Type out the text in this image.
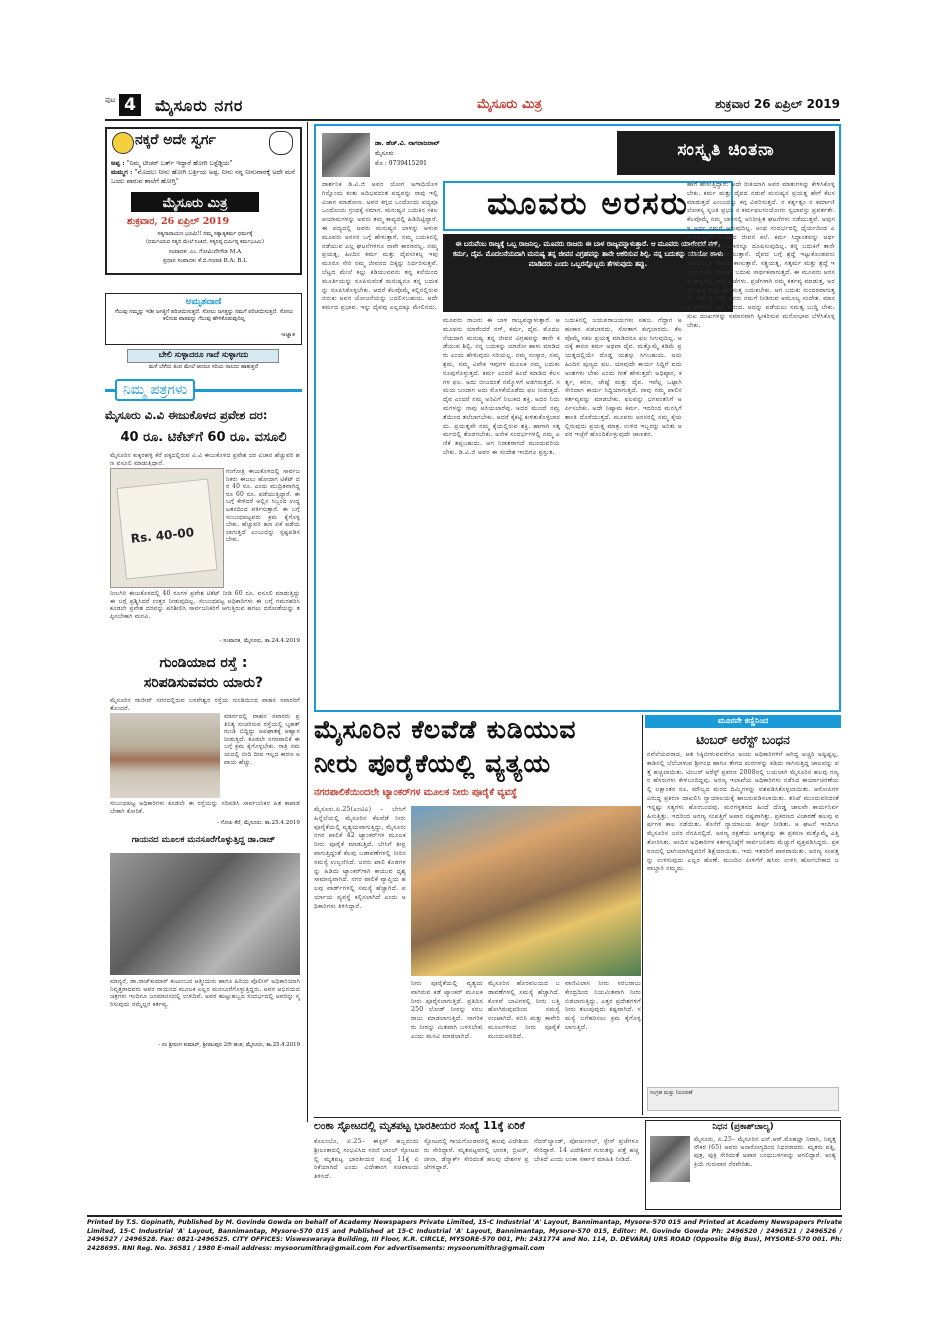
ಪುಟ 4	ಮೈಸೂರು ನಗರ	ಮೈಸೂರು ಮಿತ್ರ	ಶುಕ್ರವಾರ 26 ಏಪ್ರಿಲ್ 2019
ನಕ್ಕರೆ ಅದೇ ಸ್ವರ್ಗ
ಅಪ್ಪ : "ನಿಮ್ಮ ಟೀಚರ್ ಬರ್ತ್ ಇದ್ದಾರೆ ಹೋಗಿ ಬಸ್ಟೆಡ್ಟಿಯ"
ಮಮ್ಮಗ : "ಮೊದಲು ನೀನು ಹೋಗಿ ಬರ್ತ್ರಿಯ ಅಪ್ಪ. ನೀನು ನನ್ನ ನೀನುವಾರಕ್ಕೆ ಅದೇ ಮನೆ ಒಂದು ಪಾರುವ ಶಾಲೆಗೆ ಹೋಗ್ತಿ"
ಮೈಸೂರು ಮಿತ್ರ
ಶುಕ್ರವಾರ, 26 ಏಪ್ರಿಲ್ 2019
ಸತ್ಯನಾರಾಯಣ ಭೂಮಿ!! ನಮ್ಮ ಸತ್ಯಾತ್ಯಕರ್ಮ ಧರ್ಮಕ್ಕೆ
(ಧರ್ಮವಿರುವ ಸತ್ಯದ ಮೇಲೆ ನಿಂತಿದೆ, ಸತ್ಯನಿಷ್ಠ ಧರ್ಮಿಷ್ಠ ಕರ್ಮಭೂಮಿ)
ಸಂಪಾದಕ: ಎಂ. ಗೋವಿಂದೇಗೌಡ M.A
ಪ್ರಧಾನ ಸಂಪಾದಕ: ಕೆ.ಬಿ.ಗಣಪತಿ B.A; B.L
ಅಮೃತವಾಣಿ
ಗೆಲುವು ನಮ್ಮನ್ನು ಇಡೀ ಜಗತ್ತಿಗೆ ಪರಿಚಯಿಸುತ್ತದೆ. ಸೋಲು ಜಗತ್ತನ್ನು ನಮಗೆ ಪರಿಚಯಿಸುತ್ತದೆ. ಸೋಲು ಕಲಿಸುವ ಪಾಠವನ್ನು ಗೆಲುವು ಹೇಳಿಕೊಡುವುದಿಲ್ಲ
-ಅಜ್ಞಾತ
ಬೇಲಿ ಸುಳ್ಳಾದರೂ ಗಾದೆ ಸುಳ್ಳಾಗದು
ಮಳೆ ಬೆಳೆದು ತಿಂದ ಮೇಲೆ ಆದರೂ ಸರಿಯ ನಾಲದು ಹಾಕುತ್ತದೆ
ನಿಮ್ಮ ಪತ್ರಗಳು
ಮೈಸೂರು ವಿ.ವಿ ಈಜುಕೊಳದ ಪ್ರವೇಶ ದರ:
40 ರೂ. ಟಿಕೆಟ್‌ಗೆ 60 ರೂ. ವಸೂಲಿ
ಮೈಸೂರಿನ ಕುಕ್ಕರಹಳ್ಳಿ ಕೆರೆ ಪಕ್ಕದಲ್ಲಿರುವ ವಿ.ವಿ ಈಜುಕೊಳದ ಪ್ರವೇಶ ದರ ವಿಚಾರ ಹೆಚ್ಚುವರಿ ಹಣ ವಸೂಲಿ ಮಾಡುತ್ತಿದ್ದಾರೆ.
Rs. 40-00
ಗಂಗೋತ್ರಿ ಈಜುಕೊಳದಲ್ಲಿ ಸಾರ್ವಜನಿಕರು ಈಜಲು ಹೋದಾಗ ಟಿಕೆಟ್ ದರ 40 ರೂ. ಎಂದು ಮುದ್ರಿತವಾಗಿದ್ದರೂ 60 ರೂ. ಪಡೆಯುತ್ತಿದ್ದಾರೆ. ಈ ಬಗ್ಗೆ ಕೇಳಿದರೆ ಅಲ್ಲಿನ ಸಿಬ್ಬಂದಿ ಉದ್ಧಟತನದಿಂದ ವರ್ತಿಸುತ್ತಾರೆ. ಈ ಬಗ್ಗೆ ಸಂಬಂಧಪಟ್ಟವರು ಕ್ರಮ ಕೈಗೊಳ್ಳಬೇಕು. ಹೆಚ್ಚುವರಿ ಹಣ ಏಕೆ ಪಡೆಯಲಾಗುತ್ತಿದೆ ಎಂಬುದನ್ನು ಸ್ಪಷ್ಟಪಡಿಸಬೇಕು.
ನೀಲಗಿರಿ ಈಜುಕೊಳದಲ್ಲಿ 40 ರೂಗಳ ಪ್ರವೇಶ ಟಿಕೆಟ್ ನೀಡಿ 60 ರೂ. ವಸೂಲಿ ಮಾಡುತ್ತಿದ್ದು ಈ ಬಗ್ಗೆ ಪ್ರಶ್ನಿಸಿದರೆ ಉತ್ತರ ನೀಡುವುದಿಲ್ಲ. ಸಂಬಂಧಪಟ್ಟ ಅಧಿಕಾರಿಗಳು ಈ ಬಗ್ಗೆ ಗಮನಹರಿಸಿ ಕೂಡಲೇ ಪ್ರವೇಶ ದರವನ್ನು ಪರಿಶೀಲಿಸಿ ಸಾರ್ವಜನಿಕರಿಗೆ ಆಗುತ್ತಿರುವ ಹಗಲು ದರೋಡೆಯನ್ನು ತಪ್ಪಿಸಬೇಕಾಗಿ ಮನವಿ.
- ಸಂಪಾದಕ, ಮೈಸೂರು, ತಾ.24.4.2019
ಗುಂಡಿಯಾದ ರಸ್ತೆ :
ಸರಿಪಡಿಸುವವರು ಯಾರು?
ಮೈಸೂರಿನ ರಾಜೀವ್ ನಗರದಲ್ಲಿರುವ ಬಸವೇಶ್ವರ ರಸ್ತೆಯ ಗುಂಡಿಯಿಂದ ವಾಹನ ಸವಾರರಿಗೆ ತೊಂದರೆ.
ಮಾರ್ಗದಲ್ಲಿ ವಾಹನ ಸವಾರರು ಪ್ರತಿನಿತ್ಯ ಸಂಚರಿಸುವ ರಸ್ತೆಯಲ್ಲಿ ಬೃಹತ್ ಗುಂಡಿ ಬಿದ್ದಿದ್ದು ಅಪಘಾತಕ್ಕೆ ಆಹ್ವಾನ ನೀಡುತ್ತಿದೆ. ಕೂಡಲೇ ನಗರಪಾಲಿಕೆ ಈ ಬಗ್ಗೆ ಕ್ರಮ ಕೈಗೊಳ್ಳಬೇಕು. ರಾತ್ರಿ ಸಮಯದಲ್ಲಿ ಬೀದಿ ದೀಪ ಇಲ್ಲದ ಕಾರಣ ಅಪಾಯ ಹೆಚ್ಚು.
ಸಂಬಂಧಪಟ್ಟ ಅಧಿಕಾರಿಗಳು ಕೂಡಲೇ ಈ ರಸ್ತೆಯನ್ನು ಸರಿಪಡಿಸಿ ಸಾರ್ವಜನಿಕರ ಹಿತ ಕಾಪಾಡಬೇಕಾಗಿ ಕೋರಿಕೆ.
- ಗೋಪಿ ಕೆರೆ, ಮೈಸೂರು. ತಾ.25.4.2019
ಗಾಯನದ ಮೂಲಕ ಮನಸೂರೆಗೊಳ್ಳುತ್ತಿದ್ದ ಡಾ.ರಾಜ್
ಮಾನ್ಯರೆ, ಡಾ.ರಾಜ್‌ಕುಮಾರ್ ಕುಟುಂಬದ ಆತ್ಮೀಯರು ಹಾಗೂ ಹಿರಿಯ ಪೊಲೀಸ್ ಅಧಿಕಾರಿಯಾಗಿ ನಿವೃತ್ತರಾದವರು ಅವರ ಗಾಯನದ ಮೂಲಕ ಎಲ್ಲರ ಮನಸೂರೆಗೊಳ್ಳುತ್ತಿದ್ದರು. ಅವರ ಅಭಿನಯದ ಚಿತ್ರಗಳು ಇಂದಿಗೂ ಜನಮಾನಸದಲ್ಲಿ ಉಳಿದಿವೆ. ಅವರ ಹುಟ್ಟುಹಬ್ಬದ ಸಂದರ್ಭದಲ್ಲಿ ಅವರನ್ನು ಸ್ಮರಿಸುವುದು ನಮ್ಮೆಲ್ಲರ ಕರ್ತವ್ಯ.
- ನಂ ಶ್ರೀರಂಗ ಕುಮಾರ್, ಶ್ರೀರಾಂಪುರ 2ನೇ ಹಂತ, ಮೈಸೂರು, ತಾ.25.4.2019
ಡಾ. ಹೆಚ್.ವಿ. ನಾಗರಾಜರಾವ್
ಮೈಸೂರು
ಮೊ : 9739415291
ಸಂಸ್ಕೃತಿ ಚಿಂತನಾ
ದಾರ್ಶನಿಕ ಡಿ.ವಿ.ಜಿ ಅವರ ಯೋಗ ಅಗಾಧಿಯೊಳಗಿನ್ನೊಂದು ಕಂತು ಅದಿಭವದಂತ ಪದ್ಯವನ್ನು ನಾವು ಇಲ್ಲಿ ವಿಚಾರ ಮಾಡೋಣ. ಅವರ ಕಗ್ಗದ ಒಂದೊಂದು ಪದ್ಯವೂ ಒಂದೊಂದು ಗ್ರಂಥಕ್ಕೆ ಸಮಾನ. ಮನುಷ್ಯನ ಬದುಕಿನ ಸಕಲ ಆಯಾಮಗಳನ್ನು ಅವರು ತಮ್ಮ ಕಾವ್ಯದಲ್ಲಿ ಹಿಡಿದಿಟ್ಟಿದ್ದಾರೆ. ಈ ಪದ್ಯದಲ್ಲಿ ಅವರು ಮನುಷ್ಯನ ಬಾಳನ್ನು ಆಳುವ ಮೂವರು ಅರಸರ ಬಗ್ಗೆ ಹೇಳುತ್ತಾರೆ. ನಮ್ಮ ಬದುಕಿನಲ್ಲಿ ನಡೆಯುವ ಎಲ್ಲ ಘಟನೆಗಳಿಗೂ ನಾವೇ ಕಾರಣರಲ್ಲ. ನಮ್ಮ ಪ್ರಯತ್ನ, ಹಿಂದಿನ ಕರ್ಮ ಮತ್ತು ದೈವಸಂಕಲ್ಪ ಇವು ಮೂರೂ ಸೇರಿ ನಮ್ಮ ಜೀವನದ ದಿಕ್ಕನ್ನು ನಿರ್ಧರಿಸುತ್ತವೆ. ಬೆಟ್ಟದ ಮೇಲೆ ಕಲ್ಲು ಕಡಿಯುವವನು ತನ್ನ ಕಲೆಯಿಂದ ಮೂರ್ತಿಯನ್ನು ರೂಪಿಸುವಂತೆ ಮನುಷ್ಯನೂ ತನ್ನ ಬದುಕನ್ನು ರೂಪಿಸಿಕೊಳ್ಳಬೇಕು. ಆದರೆ ಕೆಲವೊಮ್ಮೆ ಕಲ್ಲಿನಲ್ಲಿರುವ ಬಿರುಕು ಅವನ ಯೋಜನೆಯನ್ನು ಬದಲಿಸಬಹುದು. ಅದೇ ಕರ್ಮದ ಪ್ರಭಾವ. ಇನ್ನು ದೈವವು ಎಲ್ಲದಕ್ಕೂ ಮೇಲಿನದು.
ಮೂವರು ಅರಸರು
ಈ ಬರುವೆಂಬ ರಾಜ್ಯಕ್ಕೆ ಒಬ್ಬ ರಾಜನಿಲ್ಲ. ಮೂವರು ರಾಜರು ಈ ಬಾಳ ರಾಜ್ಯವನ್ನಾಳುತ್ತಾರೆ. ಆ ಮೂವರು ಯಾರೆಂದರೆ ನಗ್, ಕರ್ಮ, ದೈವ. ಮೊದಲನೆಯದಾಗಿ ಮನುಷ್ಯ ತನ್ನ ಜೀವನ ವಿಗ್ರಹವನ್ನು ತಾನೇ ಆಕರಿಸುವ ಶಿಲ್ಪಿ. ನನ್ನ ಬದುಕನ್ನು ಯಾರೋ ಹಾಳು ಮಾಡಿದರು ಎಂದು ಒಬ್ಬರನ್ನೊಬ್ಬರು ತೆಗಳುವುದು ತಪ್ಪು.
ಮೂವರು ರಾಜರು ಈ ಬಾಳ ರಾಜ್ಯವನ್ನಾಳುತ್ತಾರೆ. ಆ ಮೂವರು ಯಾರೆಂದರೆ ನಗ್, ಕರ್ಮ, ದೈವ. ಮೊದಲನೆಯದಾಗಿ ಮನುಷ್ಯ ತನ್ನ ಜೀವನ ವಿಗ್ರಹವನ್ನು ತಾನೇ ಕಡೆಯುವ ಶಿಲ್ಪಿ. ನನ್ನ ಬದುಕನ್ನು ಯಾರೋ ಹಾಳು ಮಾಡಿದರು ಎಂದು ಹೇಳುವುದು ಸರಿಯಲ್ಲ. ನಮ್ಮ ಸಂಸ್ಕಾರ, ನಮ್ಮ ಶ್ರಮ, ನಮ್ಮ ವಿವೇಕ ಇವುಗಳ ಮೂಲಕ ನಮ್ಮ ಬದುಕು ರೂಪುಗೊಳ್ಳುತ್ತದೆ. ಕರ್ಮ ಎಂದರೆ ಹಿಂದೆ ಮಾಡಿದ ಕೆಲಸಗಳ ಫಲ. ಅದು ಬೀಜದಂತೆ ನಮ್ಮೊಳಗೆ ಅಡಗಿರುತ್ತದೆ. ಸಮಯ ಬಂದಾಗ ಅದು ಮೊಳಕೆಯೊಡೆದು ಫಲ ನೀಡುತ್ತದೆ. ದೈವ ಎಂದರೆ ನಮ್ಮ ಅರಿವಿಗೆ ನಿಲುಕದ ಶಕ್ತಿ. ಅದರ ನಿಯಮಗಳನ್ನು ನಾವು ಅರಿಯಲಾರೆವು. ಅದರ ಮುಂದೆ ನಮ್ರತೆಯಿಂದ ತಲೆಬಾಗಬೇಕು. ಆದರೆ ಕೈಕಟ್ಟಿ ಕುಳಿತುಕೊಳ್ಳಬಾರದು. ಪ್ರಯತ್ನವೇ ನಮ್ಮ ಕೈಯಲ್ಲಿರುವ ಶಕ್ತಿ. ಹಾಗಾಗಿ ಸತ್ಕರ್ಮದಲ್ಲಿ ತೊಡಗಬೇಕು. ಅನೇಕ ಸಂದರ್ಭಗಳಲ್ಲಿ ನಮ್ಮ ಎಣಿಕೆ ತಪ್ಪಬಹುದು. ಆಗ ನಿರಾಶರಾಗದೆ ಮುಂದುವರಿಯಬೇಕು. ಡಿ.ವಿ.ಜಿ ಅವರ ಈ ಸಂದೇಶ ಇಂದಿಗೂ ಪ್ರಸ್ತುತ.
ಬದುಕಿನಲ್ಲಿ ಜಯಪರಾಜಯಗಳು ಸಹಜ. ಗೆದ್ದಾಗ ಅಹಂಕಾರ ಪಡಬಾರದು, ಸೋತಾಗ ಕುಗ್ಗಬಾರದು. ಕೆಲವೊಮ್ಮೆ ಸಕಲ ಪ್ರಯತ್ನ ಮಾಡಿದರೂ ಫಲ ಸಿಗುವುದಿಲ್ಲ. ಅದಕ್ಕೆ ಕಾರಣ ಕರ್ಮ ಅಥವಾ ದೈವ. ಮತ್ತೊಮ್ಮೆ ಕಡಿಮೆ ಪ್ರಯತ್ನದಲ್ಲಿಯೇ ದೊಡ್ಡ ಯಶಸ್ಸು ಸಿಗಬಹುದು. ಅದು ಹಿಂದಿನ ಪುಣ್ಯದ ಫಲ. ಯಾವುದೇ ಕಾರ್ಯ ಸಿದ್ಧಿಗೆ ಐದು ಅಂಶಗಳು ಬೇಕು ಎಂದು ಗೀತೆ ಹೇಳುತ್ತದೆ: ಅಧಿಷ್ಠಾನ, ಕರ್ತೃ, ಕರಣ, ಚೇಷ್ಟೆ ಮತ್ತು ದೈವ. ಇವೆಲ್ಲ ಒಟ್ಟಾಗಿ ಸೇರಿದಾಗ ಕಾರ್ಯ ಸಿದ್ಧಿಯಾಗುತ್ತದೆ. ನಾವು ನಮ್ಮ ಪಾಲಿನ ಕರ್ತವ್ಯವನ್ನು ಮಾಡಬೇಕು. ಫಲವನ್ನು ಭಗವಂತನಿಗೆ ಅರ್ಪಿಸಬೇಕು. ಅದೇ ನಿಷ್ಕಾಮ ಕರ್ಮ. ಇದರಿಂದ ಮನಸ್ಸಿಗೆ ಶಾಂತಿ ದೊರೆಯುತ್ತದೆ. ಮೂವರು ಅರಸರಲ್ಲಿ ನಮ್ಮ ಕೈಯಲ್ಲಿರುವುದು ಪ್ರಯತ್ನ ಮಾತ್ರ. ಉಳಿದ ಇಬ್ಬರನ್ನು ಅರಿತು ಅವರ ಇಚ್ಛೆಗೆ ಹೊಂದಿಕೊಳ್ಳುವುದೇ ಜಾಣತನ.
ಹಾಗೆ ಹೇಳುತ್ತಿದ್ದಾರೆ: ಅದೇ ರೀತಿಯಾಗಿ ಅವರ ಮಾತುಗಳನ್ನು ಕೇಳಿಸಿಕೊಳ್ಳಬೇಕು. ಕರ್ಮ ಮತ್ತು ದೈವದ ನಡುವೆ ಮನುಷ್ಯನ ಪ್ರಯತ್ನ ಹೇಗೆ ಕೆಲಸ ಮಾಡುತ್ತದೆ ಎಂಬುದನ್ನು ಕಗ್ಗ ವಿವರಿಸುತ್ತದೆ. ನ ಕರ್ತೃತ್ವಂ ನ ಕರ್ಮಾಣಿ ಲೋಕಸ್ಯ ಸೃಜತಿ ಪ್ರಭುಃ ನ ಕರ್ಮಫಲಸಂಯೋಗಂ ಸ್ವಭಾವಸ್ತು ಪ್ರವರ್ತತೇ. ಕೆಲವೊಮ್ಮೆ ನಮ್ಮ ಬಾಳಿನಲ್ಲಿ ಅನಿರೀಕ್ಷಿತ ಘಟನೆಗಳು ನಡೆಯುತ್ತವೆ. ಅವುಗಳ ಅರ್ಥ ನಮಗೆ ಆಗುವುದಿಲ್ಲ. ಅಂಥ ಸಂದರ್ಭದಲ್ಲಿ ಧೈರ್ಯದಿಂದ ಎದುರಿಸುವುದೇ ನಿಜವಾದ ಜೀವನ ಕಲೆ. ಕರ್ಮ ಸಿದ್ಧಾಂತವನ್ನು ಅರ್ಥ ಮಾಡಿಕೊಂಡವನು ಯಾರನ್ನೂ ದೂಷಿಸುವುದಿಲ್ಲ. ತನ್ನ ಬದುಕಿಗೆ ತಾನೇ ಹೊಣೆ ಎಂದು ತಿಳಿಯುತ್ತಾನೆ. ದೈವದ ಬಗ್ಗೆ ಶ್ರದ್ಧೆ ಇಟ್ಟುಕೊಂಡವನು ಸೋಲಿನಲ್ಲೂ ನೆಮ್ಮದಿ ಕಾಣುತ್ತಾನೆ. ಸತ್ಪ್ರಯತ್ನ, ಸತ್ಕರ್ಮ ಮತ್ತು ಶ್ರದ್ಧೆ ಇವು ಮೂರೂ ಸೇರಿದಾಗ ಬದುಕು ಸಾರ್ಥಕವಾಗುತ್ತದೆ. ಈ ಮೂವರು ಅರಸರ ರಾಜ್ಯದಲ್ಲಿ ನಾವು ಪ್ರಜೆಗಳು. ಪ್ರಜೆಗಳಾಗಿ ನಮ್ಮ ಕರ್ತವ್ಯ ಮಾಡುತ್ತ, ಅರಸರ ಆಜ್ಞೆಯನ್ನು ಪಾಲಿಸುತ್ತ ಬದುಕಬೇಕು. ಆಗ ಬದುಕು ಸುಂದರವಾಗುತ್ತದೆ. ಇದೇ ಡಿ.ವಿ.ಜಿ ಅವರು ನಮಗೆ ನೀಡಿರುವ ಅಮೂಲ್ಯ ಸಂದೇಶ. ಮಾನವ ಜೀವನದ ಗುರಿ ಆನಂದ. ಅದನ್ನು ಪಡೆಯಲು ಸಮತ್ವ ಬುದ್ಧಿ ಬೇಕು. ಸುಖ ದುಃಖಗಳನ್ನು ಸಮಾನವಾಗಿ ಸ್ವೀಕರಿಸುವ ಮನೋಭಾವ ಬೆಳೆಸಿಕೊಳ್ಳಬೇಕು.
ಮೈಸೂರಿನ ಕೆಲವೆಡೆ ಕುಡಿಯುವ
ನೀರು ಪೂರೈಕೆಯಲ್ಲಿ ವ್ಯತ್ಯಯ
ನಗರಪಾಲಿಕೆಯಿಂದಲೇ ಟ್ಯಾಂಕರ್‌ಗಳ ಮೂಲಕ ನೀರು ಪೂರೈಕೆ ವ್ಯವಸ್ಥೆ
ಮೈಸೂರು.ಏ.25(ಎಂಟಿವಿ) – ಬೇಸಿಗೆ ಹಿನ್ನೆಲೆಯಲ್ಲಿ ಮೈಸೂರಿನ ಕೆಲವೆಡೆ ನೀರು ಪೂರೈಕೆಯಲ್ಲಿ ವ್ಯತ್ಯಯವಾಗುತ್ತಿದ್ದು, ಮೈಸೂರು ನಗರ ಪಾಲಿಕೆ 42 ಟ್ಯಾಂಕರ್‌ಗಳ ಮೂಲಕ ನೀರು ಪೂರೈಕೆ ಮಾಡುತ್ತಿದೆ. ಬೇಸಿಗೆ ತೀವ್ರವಾಗುತ್ತಿದ್ದಂತೆ ಕೆಲವು ಬಡಾವಣೆಗಳಲ್ಲಿ ನೀರಿನ ಸಮಸ್ಯೆ ಉಲ್ಬಣಿಸಿದೆ. ಜನರು ಖಾಲಿ ಕೊಡಗಳನ್ನು ಹಿಡಿದು ಟ್ಯಾಂಕರ್‌ಗಾಗಿ ಕಾಯುವ ದೃಶ್ಯ ಸಾಮಾನ್ಯವಾಗಿದೆ. ನಗರ ಪಾಲಿಕೆ ವ್ಯಾಪ್ತಿಯ ಹಲವು ವಾರ್ಡ್‌ಗಳಲ್ಲಿ ಸಮಸ್ಯೆ ಹೆಚ್ಚಾಗಿದೆ. ಪರ್ಯಾಯ ವ್ಯವಸ್ಥೆ ಕಲ್ಪಿಸಲಾಗಿದೆ ಎಂದು ಅಧಿಕಾರಿಗಳು ತಿಳಿಸಿದ್ದಾರೆ.
ನೀರು ಪೂರೈಕೆಯಲ್ಲಿ ವ್ಯತ್ಯಯವಾಗಿರುವ ಕಡೆ ಟ್ಯಾಂಕರ್ ಮೂಲಕ ನೀರು ಪೂರೈಸಲಾಗುತ್ತಿದೆ. ಪ್ರತಿದಿನ 250 ಲೋಡ್ ನೀರನ್ನು ಸರಬರಾಜು ಮಾಡಲಾಗುತ್ತಿದೆ. ನಾಗರಿಕರು ನೀರನ್ನು ಮಿತವಾಗಿ ಬಳಸಬೇಕು ಎಂದು ಮನವಿ ಮಾಡಲಾಗಿದೆ.
ಮೈಸೂರಿನ ಹೊರವಲಯದ ಬಡಾವಣೆಗಳಲ್ಲಿ ಸಮಸ್ಯೆ ಹೆಚ್ಚಾಗಿದೆ. ಕೊಳವೆ ಬಾವಿಗಳಲ್ಲಿ ನೀರು ಬತ್ತಿ ಹೋಗಿರುವುದರಿಂದ ಸಮಸ್ಯೆ ಉಂಟಾಗಿದೆ. ಕಬಿನಿ ಮತ್ತು ಕಾವೇರಿ ಮೂಲಗಳಿಂದ ನೀರು ಪೂರೈಕೆ ಮುಂದುವರಿದಿದೆ.
ವಾಣಿವಿಲಾಸ ನೀರು ಸರಬರಾಜು ಕೇಂದ್ರದಿಂದ ನಿಯಮಿತವಾಗಿ ನೀರು ಬಿಡಲಾಗುತ್ತಿದ್ದು, ಎತ್ತರ ಪ್ರದೇಶಗಳಿಗೆ ನೀರು ತಲುಪುವುದು ಕಷ್ಟವಾಗಿದೆ. ಸಮಸ್ಯೆ ಬಗೆಹರಿಸಲು ಕ್ರಮ ಕೈಗೊಳ್ಳಲಾಗುತ್ತಿದೆ.
ಮೂರನೇ ಕಣ್ಣಿನಿಂದ
ಟಿಂಬರ್ ಅರೆಸ್ಟ್ ಬಂಧನ
ನವೆಲೆಯವರಾದ, ಆತ ಸಿಕ್ಕಿಬೀಳುವವರೆಗೂ ಅಂದು ಅಧಿಕಾರಿಗಳಿಗೆ ಆಗಿದ್ದ ಅಚ್ಚರಿ ಅಷ್ಟಿಷ್ಟಲ್ಲ. ಕಾಡಿನಲ್ಲಿ ಬೆಲೆಬಾಳುವ ಶ್ರೀಗಂಧ ಹಾಗೂ ತೇಗದ ಮರಗಳನ್ನು ಕಡಿದು ಸಾಗಿಸುತ್ತಿದ್ದ ಜಾಲವನ್ನು ಪತ್ತೆ ಹಚ್ಚಲಾಯಿತು. ಟಿಂಬರ್ ಅರೆಸ್ಟ್ ಪ್ರಕರಣ 2008ರಲ್ಲಿ ಬಯಲಾಗಿ ಮೈಸೂರಿನ ಹಲವು ಗಣ್ಯರ ಹೆಸರುಗಳು ಕೇಳಿಬಂದಿದ್ದವು. ಅರಣ್ಯ ಇಲಾಖೆಯ ಅಧಿಕಾರಿಗಳು ನಡೆಸಿದ ಕಾರ್ಯಾಚರಣೆಯಲ್ಲಿ ಲಕ್ಷಾಂತರ ರೂ. ಮೌಲ್ಯದ ಮರದ ದಿಮ್ಮಿಗಳನ್ನು ವಶಪಡಿಸಿಕೊಳ್ಳಲಾಯಿತು. ಆರೋಪಿಗಳ ವಿರುದ್ಧ ಪ್ರಕರಣ ದಾಖಲಿಸಿ ನ್ಯಾಯಾಲಯಕ್ಕೆ ಹಾಜರುಪಡಿಸಲಾಯಿತು. ತನಿಖೆ ಮುಂದುವರಿದಂತೆ ಇನ್ನಷ್ಟು ಸತ್ಯಗಳು ಹೊರಬಂದವು. ಮರಗಳ್ಳತನದ ಹಿಂದೆ ದೊಡ್ಡ ಜಾಲವೇ ಕಾರ್ಯನಿರ್ವಹಿಸುತ್ತಿತ್ತು. ಇದರಿಂದ ಅರಣ್ಯ ಸಂಪತ್ತಿಗೆ ಅಪಾರ ನಷ್ಟವಾಗಿತ್ತು. ಪ್ರಕರಣದ ವಿಚಾರಣೆ ಹಲವು ವರ್ಷಗಳ ಕಾಲ ನಡೆಯಿತು. ಕೊನೆಗೆ ನ್ಯಾಯಾಲಯ ತೀರ್ಪು ನೀಡಿತು. ಆ ಘಟನೆ ಇಂದಿಗೂ ಮೈಸೂರಿನ ಜನರ ನೆನಪಿನಲ್ಲಿದೆ. ಅರಣ್ಯ ರಕ್ಷಣೆಯ ಅಗತ್ಯವನ್ನು ಈ ಪ್ರಕರಣ ಮತ್ತೊಮ್ಮೆ ಎತ್ತಿ ತೋರಿಸಿತು. ಅಂದಿನ ಅಧಿಕಾರಿಗಳ ಕರ್ತವ್ಯನಿಷ್ಠೆಗೆ ಸಾರ್ವಜನಿಕರು ಮೆಚ್ಚುಗೆ ವ್ಯಕ್ತಪಡಿಸಿದ್ದರು. ಪ್ರಕರಣದಲ್ಲಿ ಭಾಗಿಯಾಗಿದ್ದವರಿಗೆ ಶಿಕ್ಷೆಯಾಯಿತು. ಇದು ಇತರರಿಗೆ ಪಾಠವಾಯಿತು. ಅರಣ್ಯ ಸಂಪತ್ತನ್ನು ಉಳಿಸುವುದು ಎಲ್ಲರ ಹೊಣೆ. ಮುಂದಿನ ಪೀಳಿಗೆಗೆ ಹಸಿರು ಉಳಿಸಿ ಹೋಗಬೇಕಾದ ಜವಾಬ್ದಾರಿ ನಮ್ಮದು.
ಸಂಗ್ರಹ ಮತ್ತು ನಿರೂಪಣೆ
ಲಂಕಾ ಸ್ಫೋಟದಲ್ಲಿ ಮೃತಪಟ್ಟ ಭಾರತೀಯರ ಸಂಖ್ಯೆ 11ಕ್ಕೆ ಏರಿಕೆ
ಕೊಲಂಬೊ, ಏ.25– ಈಸ್ಟರ್ ಹಬ್ಬದಂದು ಶ್ರೀಲಂಕಾದಲ್ಲಿ ಸಂಭವಿಸಿದ ಸರಣಿ ಬಾಂಬ್ ಸ್ಫೋಟದಲ್ಲಿ ಮೃತಪಟ್ಟ ಭಾರತೀಯರ ಸಂಖ್ಯೆ 11ಕ್ಕೆ ಏರಿಕೆಯಾಗಿದೆ ಎಂದು ವಿದೇಶಾಂಗ ಸಚಿವಾಲಯ ತಿಳಿಸಿದೆ.
ಸ್ಫೋಟದಲ್ಲಿ ಗಾಯಗೊಂಡವರಲ್ಲಿ ಹಲವು ವಿದೇಶಿಯರು ಸೇರಿದ್ದಾರೆ. ಮೃತಪಟ್ಟವರಲ್ಲಿ ಭಾರತ, ಬ್ರಿಟನ್, ಚೀನಾ, ಡೆನ್ಮಾರ್ಕ್ ಸೇರಿದಂತೆ ಹಲವು ದೇಶಗಳ ಪ್ರಜೆಗಳಿದ್ದಾರೆ.
ನೆದರ್‌ಲ್ಯಾಂಡ್, ಪೋರ್ಚುಗಲ್, ಸ್ಪೇನ್ ಪ್ರಜೆಗಳೂ ಸೇರಿದ್ದಾರೆ. 14 ವಿದೇಶಿಗರ ಗುರುತನ್ನು ಪತ್ತೆ ಹಚ್ಚಬೇಕಿದೆ ಎಂದು ಲಂಕಾ ಸರ್ಕಾರ ಮಾಹಿತಿ ನೀಡಿದೆ.
ನಿಧನ (ಪ್ರಕಾಶ್‌ಚಾಲ್ಯ)
ಮೈಸೂರು, ಏ.25– ಮೈಸೂರಿನ ಎನ್.ಆರ್.ಮೊಹಲ್ಲಾ ನಿವಾಸಿ, ನಿವೃತ್ತ ನೌಕರ (65) ಅವರು ಅನಾರೋಗ್ಯದಿಂದ ನಿಧನರಾದರು. ಮೃತರು ಪತ್ನಿ, ಪುತ್ರ, ಪುತ್ರಿ ಸೇರಿದಂತೆ ಅಪಾರ ಬಂಧುಬಳಗವನ್ನು ಅಗಲಿದ್ದಾರೆ. ಅಂತ್ಯಕ್ರಿಯೆ ಗುರುವಾರ ನೆರವೇರಿತು.
Printed by T.S. Gopinath, Published by M. Govinde Gowda on behalf of Academy Newspapers Private Limited, 15-C Industrial 'A' Layout, Bannimantap, Mysore-570 015 and Printed at Academy Newspapers Private Limited, 15-C Industrial 'A' Layout, Bannimantap, Mysore-570 015 and Published at 15-C Industrial 'A' Layout, Bannimantap, Mysore-570 015, Editor: M. Govinde Gowda Ph: 2496520 / 2496521 / 2496526 / 2496527 / 2496528. Fax: 0821-2496525. CITY OFFICES: Visweswaraya Building, III Floor, K.R. CIRCLE, MYSORE-570 001, Ph: 2431774 and No. 114, D. DEVARAJ URS ROAD (Opposite Big Bus), MYSORE-570 001. Ph: 2428695. RNI Reg. No. 36581 / 1980 E-mail address: mysoorumithra@gmail.com For advertisements: mysoorumithra@gmail.com
